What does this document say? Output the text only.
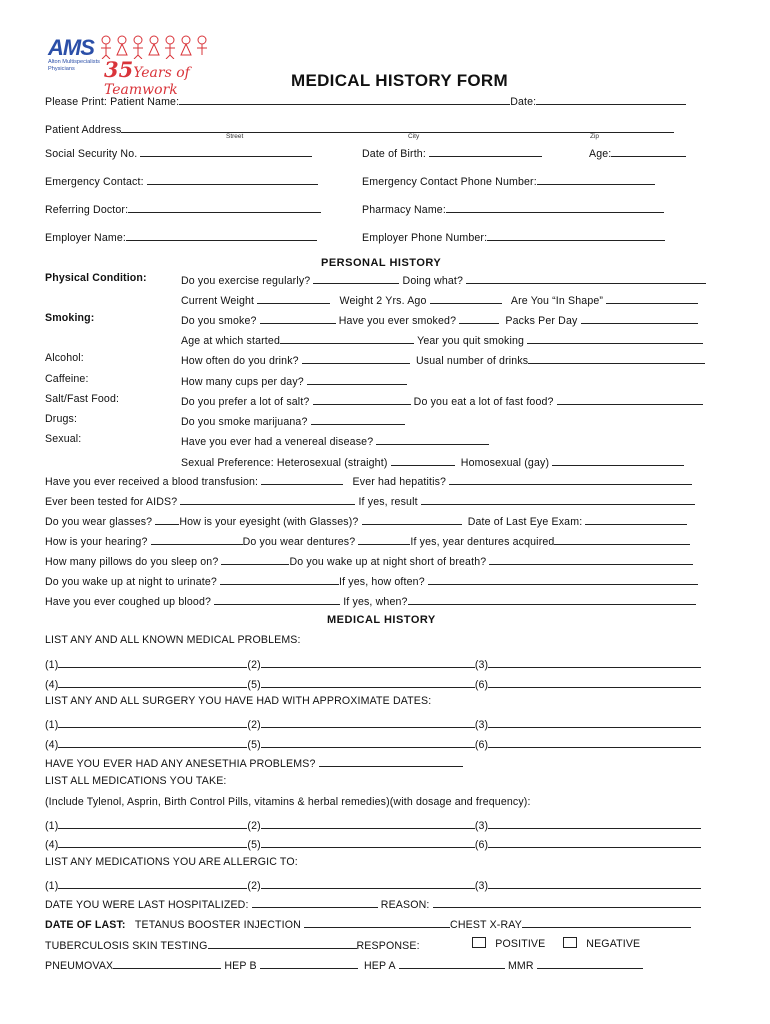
AMS
Alton Multispecialists
Physicians	35Years of Teamwork	MEDICAL HISTORY FORM
Please Print: Patient Name:	Date:
Patient Address
Street	City	Zip
Social Security No.	Date of Birth:	Age:
Emergency Contact:	Emergency Contact Phone Number:
Referring Doctor:	Pharmacy Name:
Employer Name:	Employer Phone Number:
PERSONAL HISTORY
Physical Condition:	Do you exercise regularly?	Doing what?
Current Weight	Weight 2 Yrs. Ago	Are You “In Shape”
Smoking:	Do you smoke?	Have you ever smoked?	Packs Per Day
Age at which started	Year you quit smoking
Alcohol:	How often do you drink?	Usual number of drinks
Caffeine:	How many cups per day?
Salt/Fast Food:	Do you prefer a lot of salt?	Do you eat a lot of fast food?
Drugs:	Do you smoke marijuana?
Sexual:	Have you ever had a venereal disease?
Sexual Preference: Heterosexual (straight)	Homosexual (gay)
Have you ever received a blood transfusion:	Ever had hepatitis?
Ever been tested for AIDS?	If yes, result
Do you wear glasses?	How is your eyesight (with Glasses)?	Date of Last Eye Exam:
How is your hearing?	Do you wear dentures?	If yes, year dentures acquired
How many pillows do you sleep on?	Do you wake up at night short of breath?
Do you wake up at night to urinate?	If yes, how often?
Have you ever coughed up blood?	If yes, when?
MEDICAL HISTORY
LIST ANY AND ALL KNOWN MEDICAL PROBLEMS:
(1)	(2)	(3)
(4)	(5)	(6)
LIST ANY AND ALL SURGERY YOU HAVE HAD WITH APPROXIMATE DATES:
(1)	(2)	(3)
(4)	(5)	(6)
HAVE YOU EVER HAD ANY ANESETHIA PROBLEMS?
LIST ALL MEDICATIONS YOU TAKE:
(Include Tylenol, Asprin, Birth Control Pills, vitamins & herbal remedies)(with dosage and frequency):
(1)	(2)	(3)
(4)	(5)	(6)
LIST ANY MEDICATIONS YOU ARE ALLERGIC TO:
(1)	(2)	(3)
DATE YOU WERE LAST HOSPITALIZED:	REASON:
DATE OF LAST: TETANUS BOOSTER INJECTION	CHEST X-RAY
TUBERCULOSIS SKIN TESTING	RESPONSE:	POSITIVE	NEGATIVE
PNEUMOVAX	HEP B	HEP A	MMR
